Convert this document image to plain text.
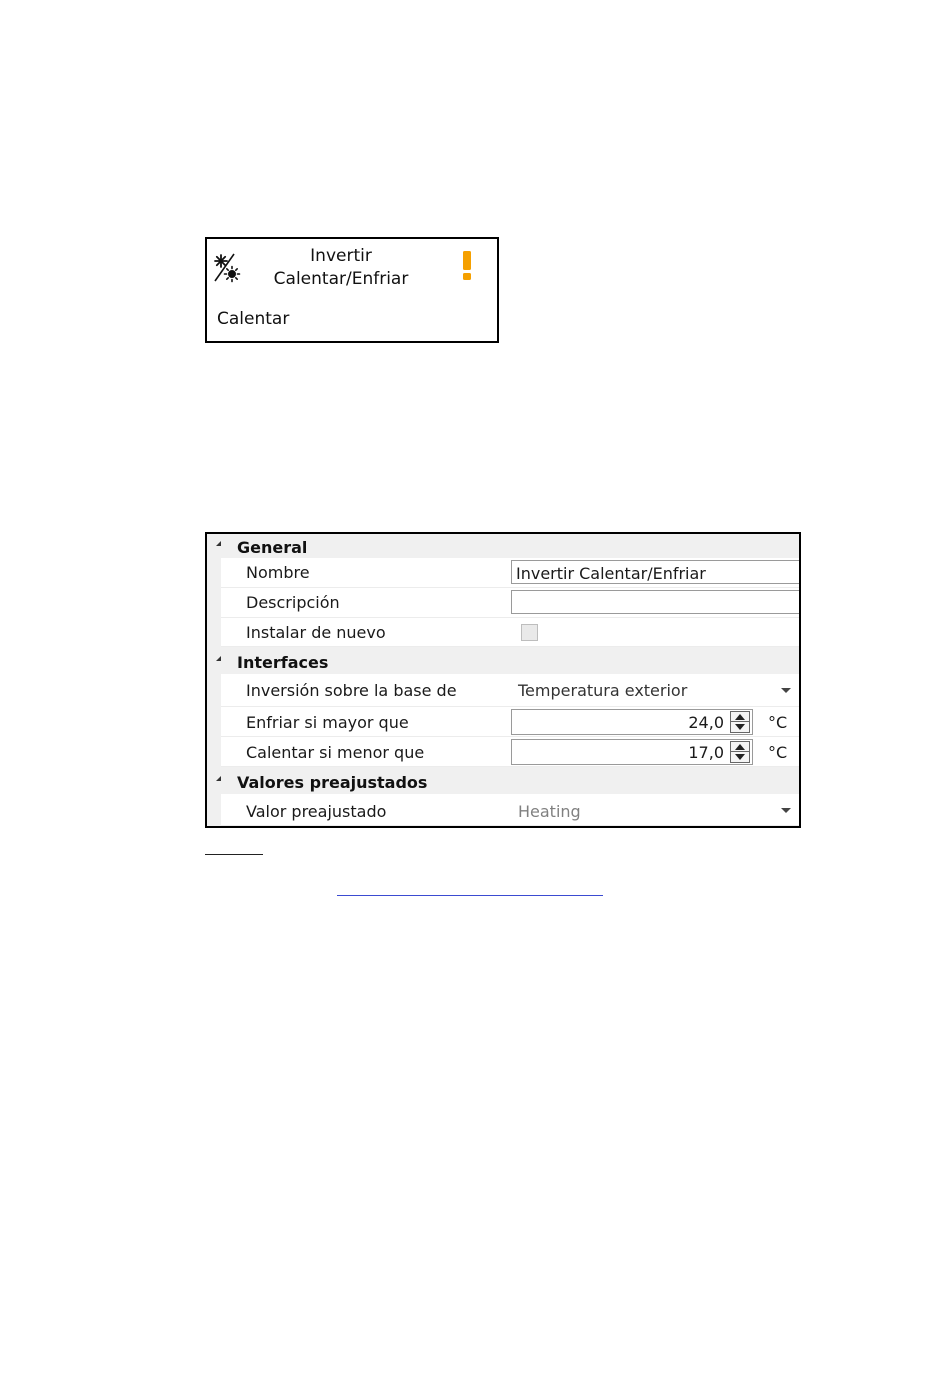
Invertir
Calentar/Enfriar
Calentar
General
Nombre	Invertir Calentar/Enfriar
Descripción
Instalar de nuevo
Interfaces
Inversión sobre la base de	Temperatura exterior
Enfriar si mayor que	24,0	°C
Calentar si menor que	17,0	°C
Valores preajustados
Valor preajustado	Heating
